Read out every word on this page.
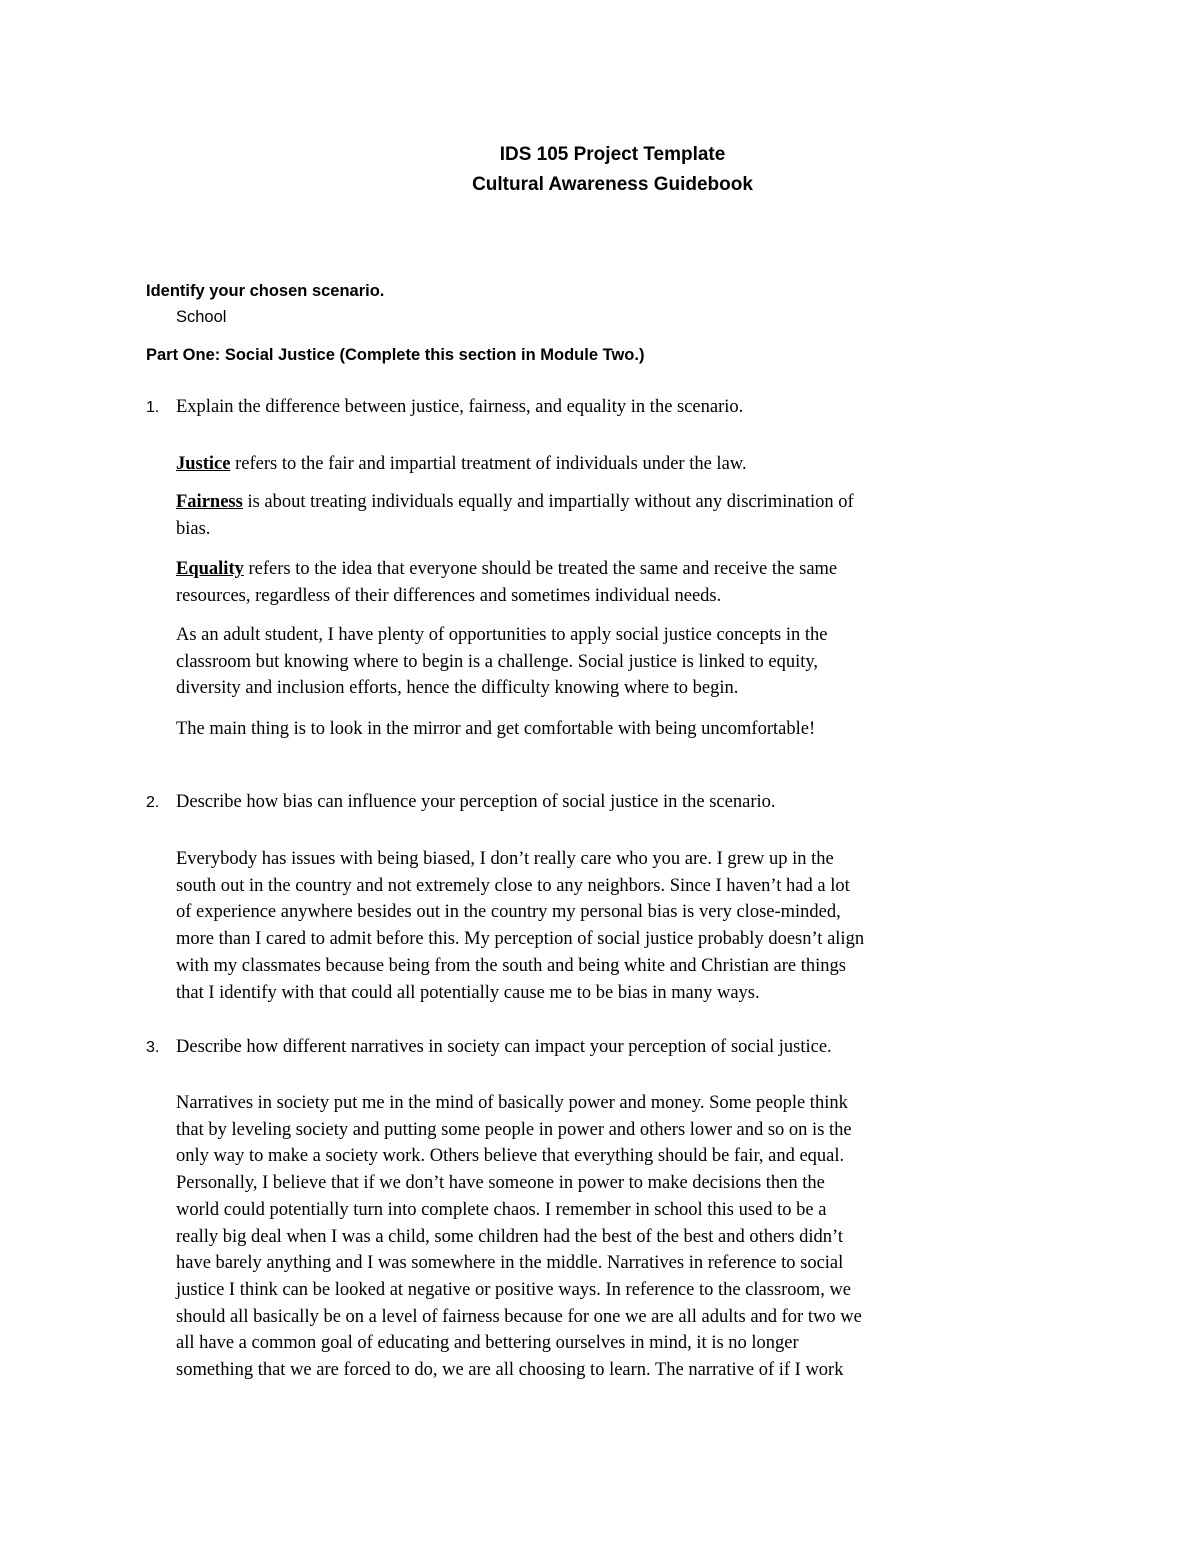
IDS 105 Project Template
Cultural Awareness Guidebook
Identify your chosen scenario.
School
Part One: Social Justice (Complete this section in Module Two.)
1. Explain the difference between justice, fairness, and equality in the scenario.
Justice refers to the fair and impartial treatment of individuals under the law.
Fairness is about treating individuals equally and impartially without any discrimination of
bias.
Equality refers to the idea that everyone should be treated the same and receive the same
resources, regardless of their differences and sometimes individual needs.
As an adult student, I have plenty of opportunities to apply social justice concepts in the
classroom but knowing where to begin is a challenge. Social justice is linked to equity,
diversity and inclusion efforts, hence the difficulty knowing where to begin.
The main thing is to look in the mirror and get comfortable with being uncomfortable!
2. Describe how bias can influence your perception of social justice in the scenario.
Everybody has issues with being biased, I don’t really care who you are. I grew up in the
south out in the country and not extremely close to any neighbors. Since I haven’t had a lot
of experience anywhere besides out in the country my personal bias is very close-minded,
more than I cared to admit before this. My perception of social justice probably doesn’t align
with my classmates because being from the south and being white and Christian are things
that I identify with that could all potentially cause me to be bias in many ways.
3. Describe how different narratives in society can impact your perception of social justice.
Narratives in society put me in the mind of basically power and money. Some people think
that by leveling society and putting some people in power and others lower and so on is the
only way to make a society work. Others believe that everything should be fair, and equal.
Personally, I believe that if we don’t have someone in power to make decisions then the
world could potentially turn into complete chaos. I remember in school this used to be a
really big deal when I was a child, some children had the best of the best and others didn’t
have barely anything and I was somewhere in the middle. Narratives in reference to social
justice I think can be looked at negative or positive ways. In reference to the classroom, we
should all basically be on a level of fairness because for one we are all adults and for two we
all have a common goal of educating and bettering ourselves in mind, it is no longer
something that we are forced to do, we are all choosing to learn. The narrative of if I work
